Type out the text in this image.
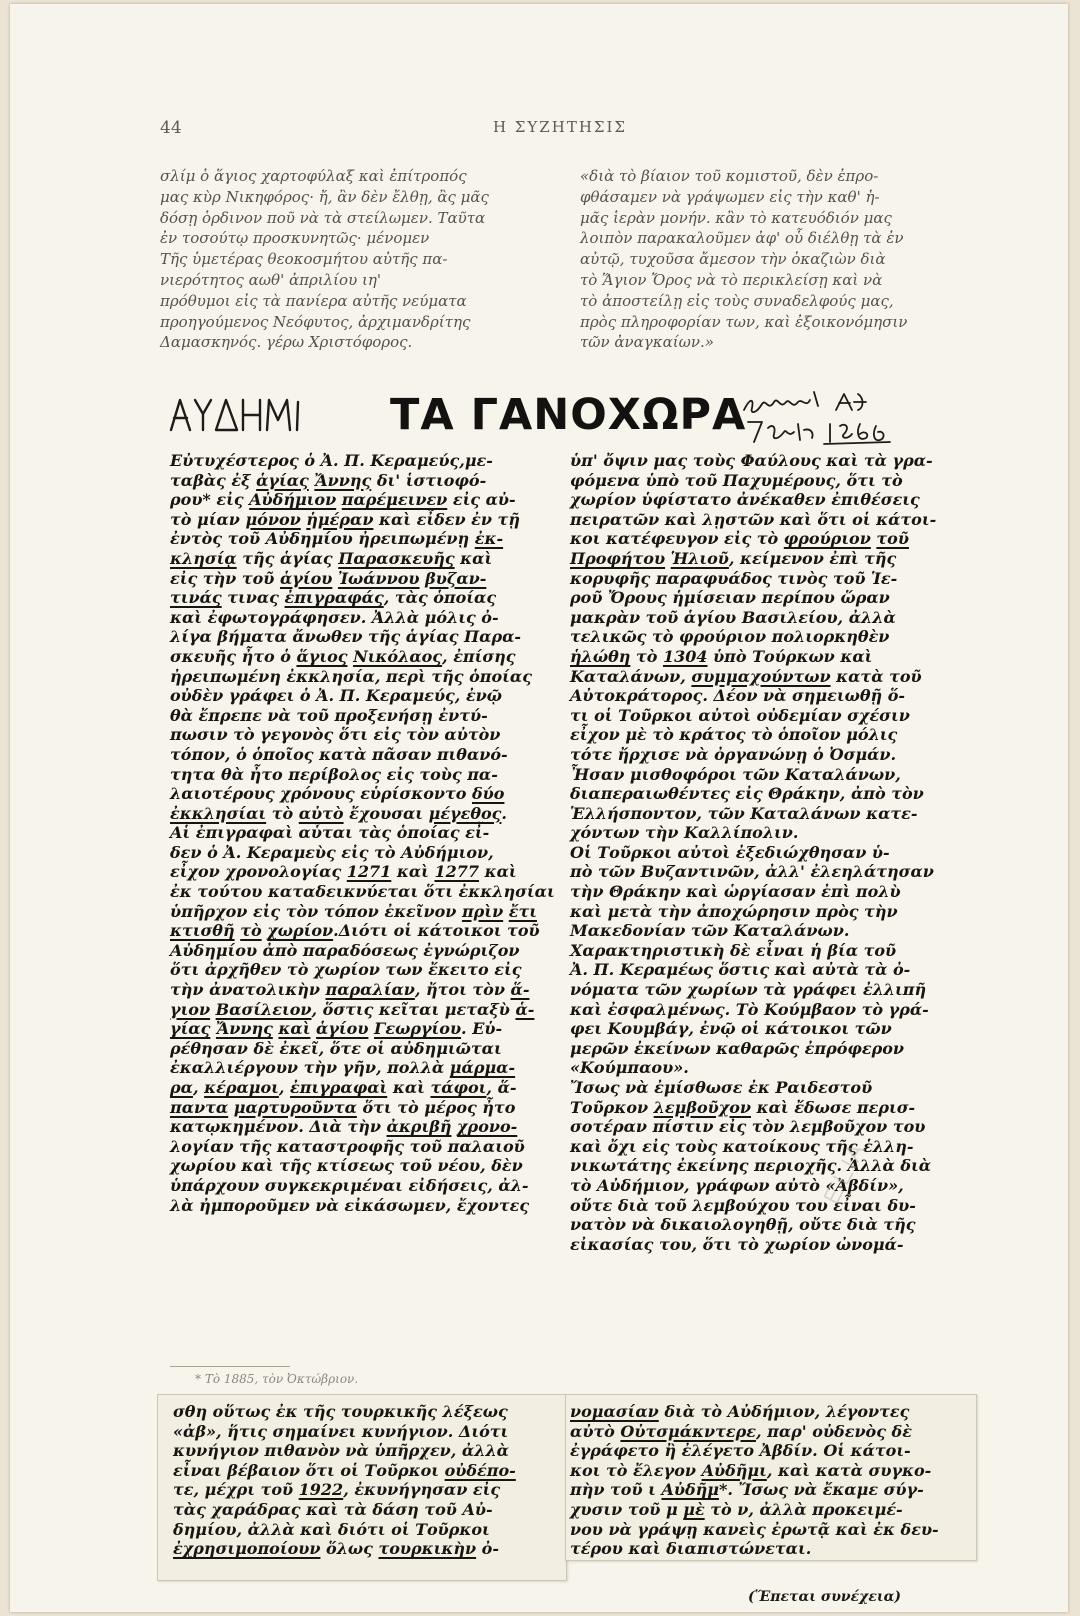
44	Η ΣΥΖΗΤΗΣΙΣ
σλίμ ὁ ἅγιος χαρτοφύλαξ καὶ ἐπίτροπός
μας κὺρ Νικηφόρος· ἤ, ἂν δὲν ἔλθῃ, ἂς μᾶς
δόσῃ ὁρδινον ποῦ νὰ τὰ στείλωμεν. Ταῦτα
ἐν τοσούτῳ προσκυνητῶς· μένομεν
Τῆς ὑμετέρας θεοκοσμήτου αὐτῆς πα-
νιερότητος αωθ' ἀπριλίου ιη'
πρόθυμοι εἰς τὰ πανίερα αὐτῆς νεύματα
προηγούμενος Νεόφυτος, ἀρχιμανδρίτης
Δαμασκηνός. γέρω Χριστόφορος.
«διὰ τὸ βίαιον τοῦ κομιστοῦ, δὲν ἐπρο-
φθάσαμεν νὰ γράψωμεν εἰς τὴν καθ' ἡ-
μᾶς ἱερὰν μονήν. κἂν τὸ κατευόδιόν μας
λοιπὸν παρακαλοῦμεν ἀφ' οὗ διέλθῃ τὰ ἐν
αὐτῷ, τυχοῦσα ἄμεσον τὴν ὀκαζιὼν διὰ
τὸ Ἅγιον Ὄρος νὰ τὸ περικλείσῃ καὶ νὰ
τὸ ἀποστείλῃ εἰς τοὺς συναδελφούς μας,
πρὸς πληροφορίαν των, καὶ ἐξοικονόμησιν
τῶν ἀναγκαίων.»
ΤΑ ΓΑΝΟΧΩΡΑ
Εὐτυχέστερος ὁ Ἀ. Π. Κεραμεύς,με-
ταβὰς ἐξ ἁγίας Ἄννης δι' ἱστιοφό-
ρου* εἰς Αὐδήμιον παρέμεινεν εἰς αὐ-
τὸ μίαν μόνον ἡμέραν καὶ εἶδεν ἐν τῇ
ἐντὸς τοῦ Αὐδημίου ἠρειπωμένῃ ἐκ-
κλησίᾳ τῆς ἁγίας Παρασκευῆς καὶ
εἰς τὴν τοῦ ἁγίου Ἰωάννου βυζαν-
τινάς τινας ἐπιγραφάς, τὰς ὁποίας
καὶ ἐφωτογράφησεν. Ἀλλὰ μόλις ὀ-
λίγα βήματα ἄνωθεν τῆς ἁγίας Παρα-
σκευῆς ἦτο ὁ ἅγιος Νικόλαος, ἐπίσης
ἠρειπωμένη ἐκκλησία, περὶ τῆς ὁποίας
οὐδὲν γράφει ὁ Ἀ. Π. Κεραμεύς, ἐνῷ
θὰ ἔπρεπε νὰ τοῦ προξενήσῃ ἐντύ-
πωσιν τὸ γεγονὸς ὅτι εἰς τὸν αὐτὸν
τόπον, ὁ ὁποῖος κατὰ πᾶσαν πιθανό-
τητα θὰ ἦτο περίβολος εἰς τοὺς πα-
λαιοτέρους χρόνους εὑρίσκοντο δύο
ἐκκλησίαι τὸ αὐτὸ ἔχουσαι μέγεθος.
Αἱ ἐπιγραφαὶ αὗται τὰς ὁποίας εἶ-
δεν ὁ Ἀ. Κεραμεὺς εἰς τὸ Αὐδήμιον,
εἶχον χρονολογίας 1271 καὶ 1277 καὶ
ἐκ τούτου καταδεικνύεται ὅτι ἐκκλησίαι
ὑπῆρχον εἰς τὸν τόπον ἐκεῖνον πρὶν ἔτι
κτισθῆ τὸ χωρίον.Διότι οἱ κάτοικοι τοῦ
Αὐδημίου ἀπὸ παραδόσεως ἐγνώριζον
ὅτι ἀρχῆθεν τὸ χωρίον των ἔκειτο εἰς
τὴν ἀνατολικὴν παραλίαν, ἤτοι τὸν ἅ-
γιον Βασίλειον, ὅστις κεῖται μεταξὺ ἁ-
γίας Ἄννης καὶ ἁγίου Γεωργίου. Εὑ-
ρέθησαν δὲ ἐκεῖ, ὅτε οἱ αὐδημιῶται
ἐκαλλιέργουν τὴν γῆν, πολλὰ μάρμα-
ρα, κέραμοι, ἐπιγραφαὶ καὶ τάφοι, ἅ-
παντα μαρτυροῦντα ὅτι τὸ μέρος ἦτο
κατῳκημένον. Διὰ τὴν ἀκριβῆ χρονο-
λογίαν τῆς καταστροφῆς τοῦ παλαιοῦ
χωρίου καὶ τῆς κτίσεως τοῦ νέου, δὲν
ὑπάρχουν συγκεκριμέναι εἰδήσεις, ἀλ-
λὰ ἠμποροῦμεν νὰ εἰκάσωμεν, ἔχοντες
ὑπ' ὄψιν μας τοὺς Φαύλους καὶ τὰ γρα-
φόμενα ὑπὸ τοῦ Παχυμέρους, ὅτι τὸ
χωρίον ὑφίστατο ἀνέκαθεν ἐπιθέσεις
πειρατῶν καὶ λῃστῶν καὶ ὅτι οἱ κάτοι-
κοι κατέφευγον εἰς τὸ φρούριον τοῦ
Προφήτου Ἡλιοῦ, κείμενον ἐπὶ τῆς
κορυφῆς παραφυάδος τινὸς τοῦ Ἱε-
ροῦ Ὄρους ἡμίσειαν περίπου ὥραν
μακρὰν τοῦ ἁγίου Βασιλείου, ἀλλὰ
τελικῶς τὸ φρούριον πολιορκηθὲν
ἡλώθη τὸ 1304 ὑπὸ Τούρκων καὶ
Καταλάνων, συμμαχούντων κατὰ τοῦ
Αὐτοκράτορος. Δέον νὰ σημειωθῇ ὅ-
τι οἱ Τοῦρκοι αὐτοὶ οὐδεμίαν σχέσιν
εἶχον μὲ τὸ κράτος τὸ ὁποῖον μόλις
τότε ἤρχισε νὰ ὀργανώνῃ ὁ Ὀσμάν.
Ἦσαν μισθοφόροι τῶν Καταλάνων,
διαπεραιωθέντες εἰς Θράκην, ἀπὸ τὸν
Ἑλλήσποντον, τῶν Καταλάνων κατε-
χόντων τὴν Καλλίπολιν.
Οἱ Τοῦρκοι αὐτοὶ ἐξεδιώχθησαν ὑ-
πὸ τῶν Βυζαντινῶν, ἀλλ' ἐλεηλάτησαν
τὴν Θράκην καὶ ὡργίασαν ἐπὶ πολὺ
καὶ μετὰ τὴν ἀποχώρησιν πρὸς τὴν
Μακεδονίαν τῶν Καταλάνων.
Χαρακτηριστικὴ δὲ εἶναι ἡ βία τοῦ
Ἀ. Π. Κεραμέως ὅστις καὶ αὐτὰ τὰ ὀ-
νόματα τῶν χωρίων τὰ γράφει ἐλλιπῆ
καὶ ἐσφαλμένως. Τὸ Κούμβαον τὸ γρά-
φει Κουμβάγ, ἐνῷ οἱ κάτοικοι τῶν
μερῶν ἐκείνων καθαρῶς ἐπρόφερον
«Κούμπαου».
Ἴσως νὰ ἐμίσθωσε ἐκ Ραιδεστοῦ
Τοῦρκον λεμβοῦχον καὶ ἔδωσε περισ-
σοτέραν πίστιν εἰς τὸν λεμβοῦχον του
καὶ ὄχι εἰς τοὺς κατοίκους τῆς ἑλλη-
νικωτάτης ἐκείνης περιοχῆς. Ἀλλὰ διὰ
τὸ Αὐδήμιον, γράφων αὐτὸ «Ἀβδίν»,
οὔτε διὰ τοῦ λεμβούχου του εἶναι δυ-
νατὸν νὰ δικαιολογηθῇ, οὔτε διὰ τῆς
εἰκασίας του, ὅτι τὸ χωρίον ὠνομά-
* Τὸ 1885, τὸν Ὀκτώβριον.
σθη οὕτως ἐκ τῆς τουρκικῆς λέξεως
«ἀβ», ἥτις σημαίνει κυνήγιον. Διότι
κυνήγιον πιθανὸν νὰ ὑπῆρχεν, ἀλλὰ
εἶναι βέβαιον ὅτι οἱ Τοῦρκοι οὐδέπο-
τε, μέχρι τοῦ 1922, ἐκυνήγησαν εἰς
τὰς χαράδρας καὶ τὰ δάση τοῦ Αὐ-
δημίου, ἀλλὰ καὶ διότι οἱ Τοῦρκοι
ἐχρησιμοποίουν ὅλως τουρκικὴν ὀ-
νομασίαν διὰ τὸ Αὐδήμιον, λέγοντες
αὐτὸ Οὐτσμάκντερε, παρ' οὐδενὸς δὲ
ἐγράφετο ἢ ἐλέγετο Ἀβδίν. Οἱ κάτοι-
κοι τὸ ἔλεγον Αὐδῆμι, καὶ κατὰ συγκο-
πὴν τοῦ ι Αὐδῆμ*. Ἴσως νὰ ἔκαμε σύγ-
χυσιν τοῦ μ μὲ τὸ ν, ἀλλὰ προκειμέ-
νου νὰ γράψῃ κανεὶς ἐρωτᾷ καὶ ἐκ δευ-
τέρου καὶ διαπιστώνεται.
(Ἕπεται συνέχεια)
